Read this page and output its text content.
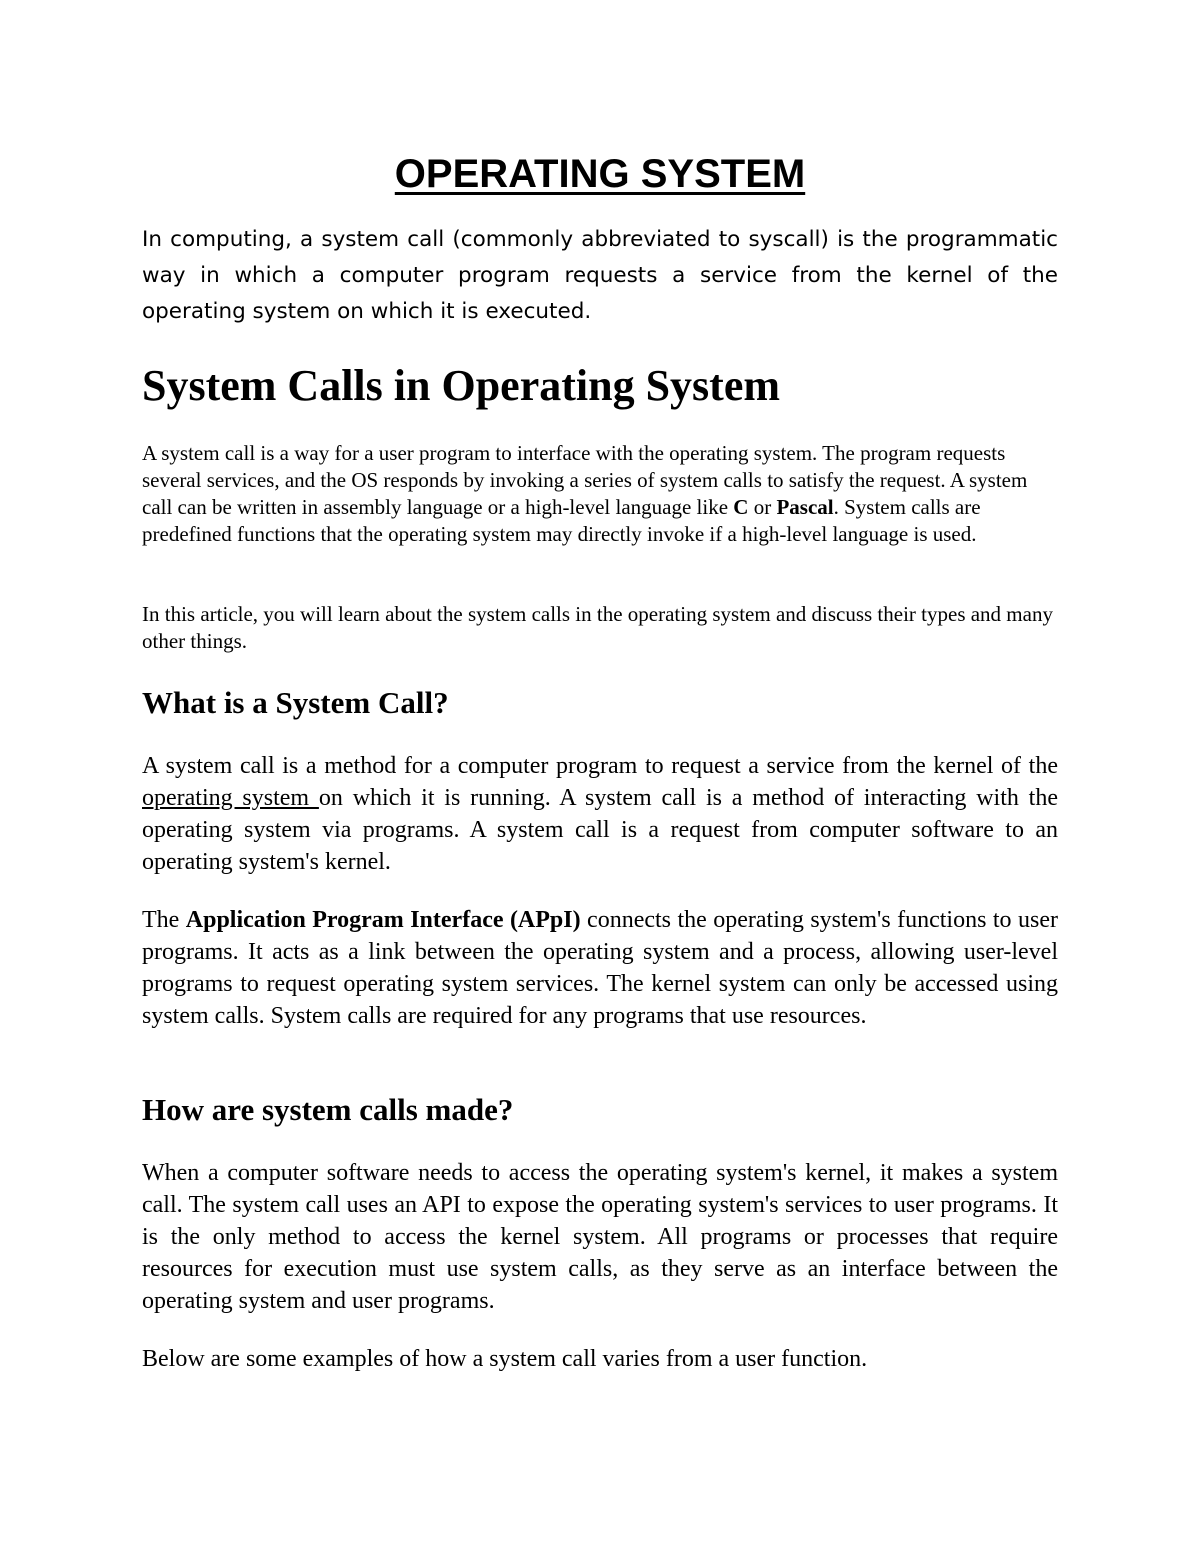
OPERATING SYSTEM

In computing, a system call (commonly abbreviated to syscall) is the programmatic way in which a computer program requests a service from the kernel of the operating system on which it is executed.

System Calls in Operating System

A system call is a way for a user program to interface with the operating system. The program requests several services, and the OS responds by invoking a series of system calls to satisfy the request. A system call can be written in assembly language or a high-level language like C or Pascal. System calls are predefined functions that the operating system may directly invoke if a high-level language is used.

In this article, you will learn about the system calls in the operating system and discuss their types and many other things.

What is a System Call?

A system call is a method for a computer program to request a service from the kernel of the operating system on which it is running. A system call is a method of interacting with the operating system via programs. A system call is a request from computer software to an operating system's kernel.

The Application Program Interface (APpI) connects the operating system's functions to user programs. It acts as a link between the operating system and a process, allowing user-level programs to request operating system services. The kernel system can only be accessed using system calls. System calls are required for any programs that use resources.

How are system calls made?

When a computer software needs to access the operating system's kernel, it makes a system call. The system call uses an API to expose the operating system's services to user programs. It is the only method to access the kernel system. All programs or processes that require resources for execution must use system calls, as they serve as an interface between the operating system and user programs.

Below are some examples of how a system call varies from a user function.
